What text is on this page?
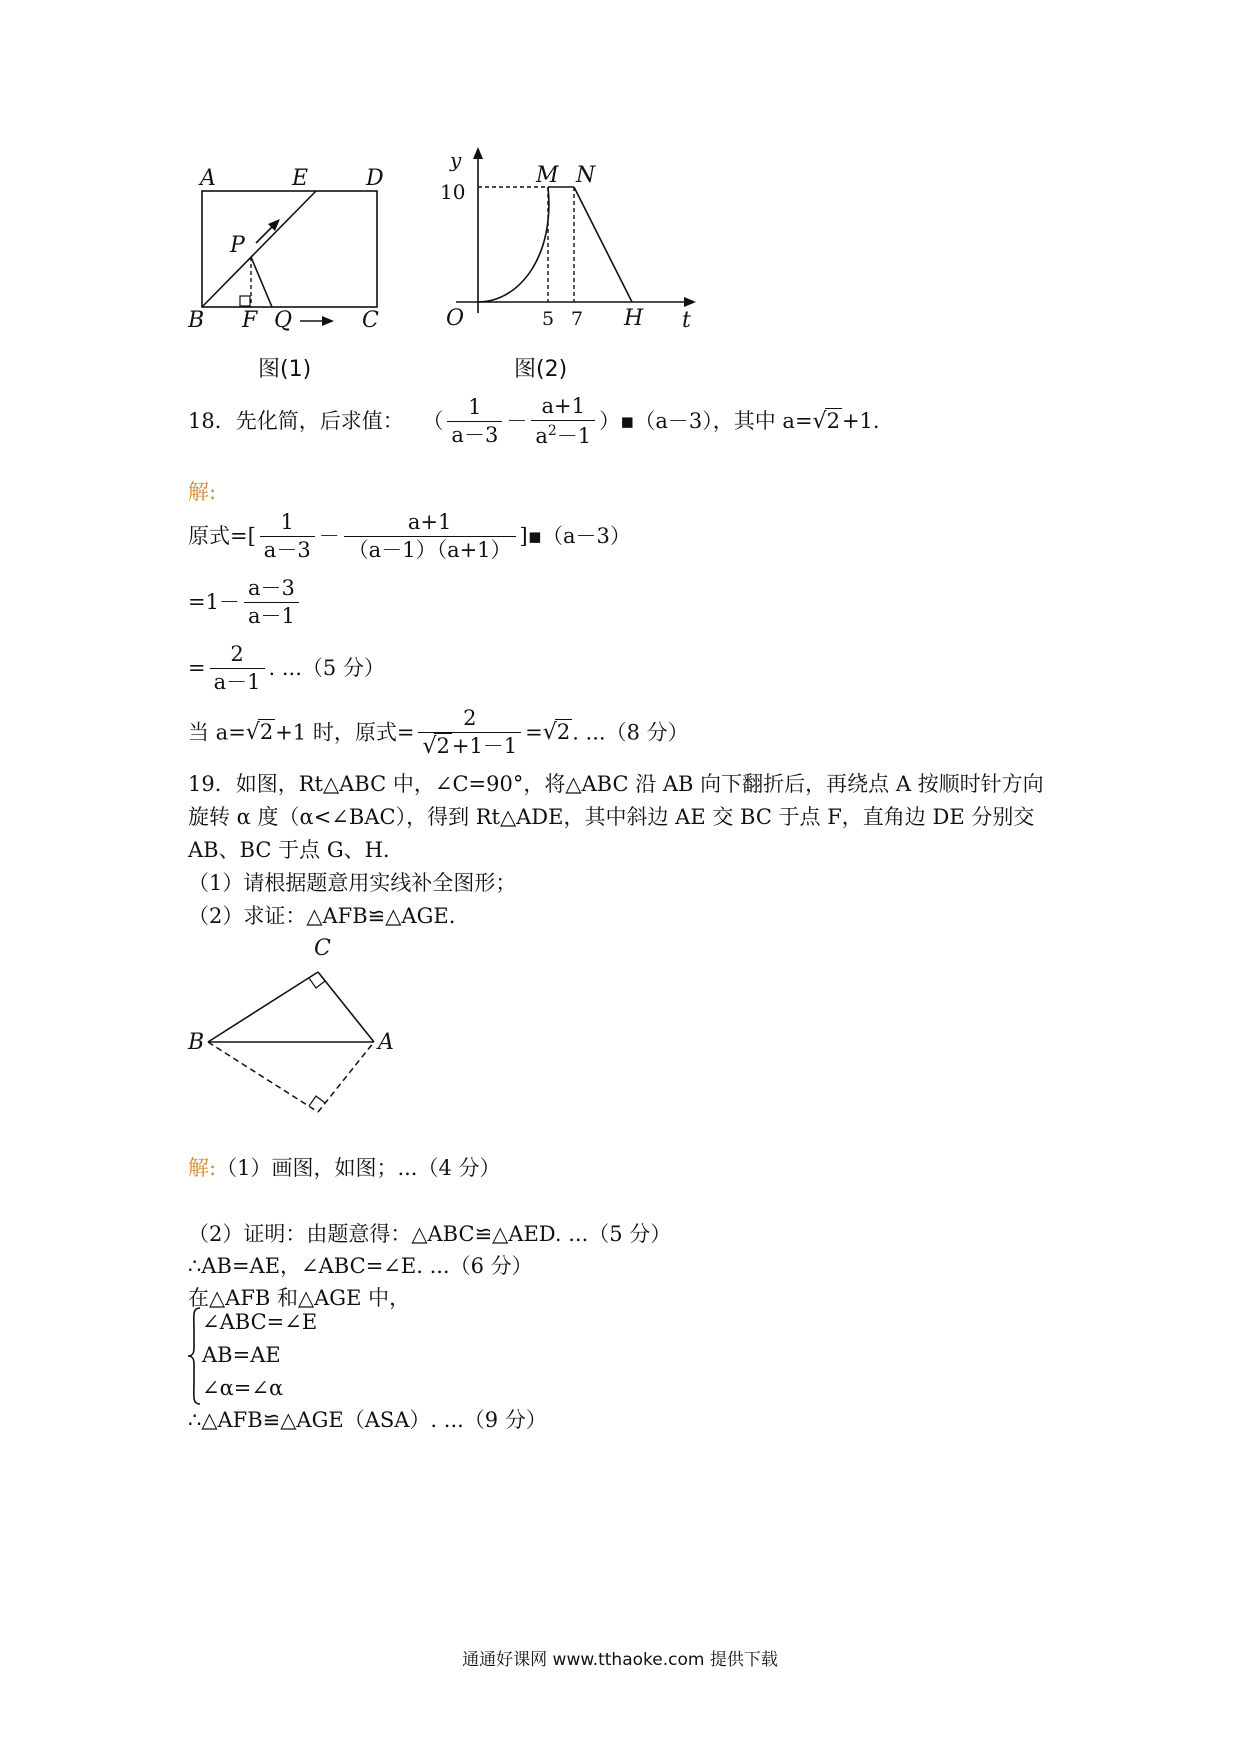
A	E	D
P
B F Q	C
图(1)
y
M N
10
O	5 7 H t
图(2)
18．先化简，后求值： （ $\frac{1}{a-3} - \frac{a+1}{a^2-1}$ ）▪（a－3），其中 a=√2+1.
解:
原式=[ $\frac{1}{a-3} - \frac{a+1}{(a-1)(a+1)}$ ]▪（a－3）
$=1- \frac{a-3}{a-1}$
= $\frac{2}{a-1}$ . ...（5 分）
当 a=√2+1 时，原式= $\frac{2}{√2+1-1} =√2$. ...（8 分）
19．如图，Rt△ABC 中，∠C=90°，将△ABC 沿 AB 向下翻折后，再绕点 A 按顺时针方向
旋转 α 度（α<∠BAC），得到 Rt△ADE，其中斜边 AE 交 BC 于点 F，直角边 DE 分别交
AB、BC 于点 G、H.
（1）请根据题意用实线补全图形；
（2）求证：△AFB≌△AGE.
C
B	A
解:（1）画图，如图；...（4 分）
（2）证明：由题意得：△ABC≌△AED. ...（5 分）
∴AB=AE，∠ABC=∠E. ...（6 分）
在△AFB 和△AGE 中，
∠ABC=∠E
AB=AE
∠α=∠α
∴△AFB≌△AGE（ASA）. ...（9 分）
通通好课网 www.tthaoke.com 提供下载
